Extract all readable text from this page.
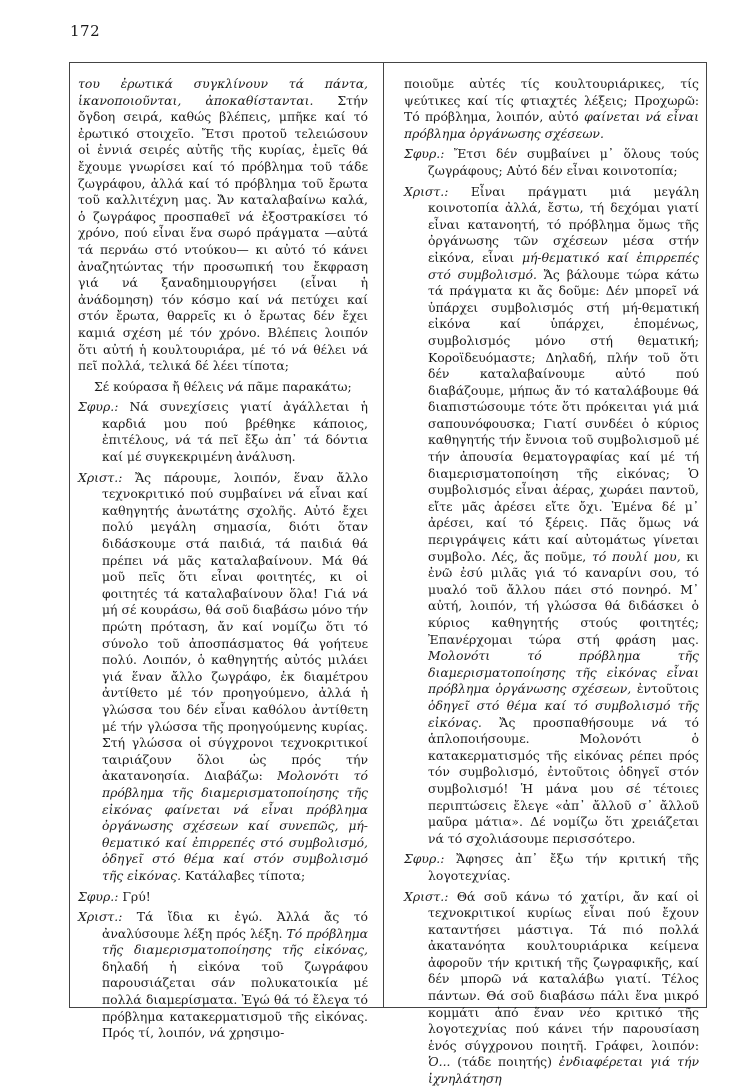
172
του ἐρωτικά συγκλίνουν τά πάντα, ἱκανοποιοῦνται, ἀποκαθίστανται. Στήν ὄγδοη σειρά, καθώς βλέπεις, μπῆκε καί τό ἐρωτικό στοιχεῖο. Ἔτσι προτοῦ τελειώσουν οἱ ἐννιά σειρές αὐτῆς τῆς κυρίας, ἐμεῖς θά ἔχουμε γνωρίσει καί τό πρόβλημα τοῦ τάδε ζωγράφου, ἀλλά καί τό πρόβλημα τοῦ ἔρωτα τοῦ καλλιτέχνη μας. Ἄν καταλαβαίνω καλά, ὁ ζωγράφος προσπαθεῖ νά ἐξοστρακίσει τό χρόνο, πού εἶναι ἕνα σωρό πράγματα —αὐτά τά περνάω στό ντούκου— κι αὐτό τό κάνει ἀναζητώντας τήν προσωπική του ἔκφραση γιά νά ξαναδημιουργήσει (εἶναι ἡ ἀνάδομηση) τόν κόσμο καί νά πετύχει καί στόν ἔρωτα, θαρρεῖς κι ὁ ἔρωτας δέν ἔχει καμιά σχέση μέ τόν χρόνο. Βλέπεις λοιπόν ὅτι αὐτή ἡ κουλτουριάρα, μέ τό νά θέλει νά πεῖ πολλά, τελικά δέ λέει τίποτα;
Σέ κούρασα ἤ θέλεις νά πᾶμε παρακάτω;
Σφυρ.: Νά συνεχίσεις γιατί ἀγάλλεται ἡ καρδιά μου πού βρέθηκε κάποιος, ἐπιτέλους, νά τά πεῖ ἔξω ἀπ᾽ τά δόντια καί μέ συγκεκριμένη ἀνάλυση.
Χριστ.: Ἄς πάρουμε, λοιπόν, ἕναν ἄλλο τεχνοκριτικό πού συμβαίνει νά εἶναι καί καθηγητής ἀνωτάτης σχολῆς. Αὐτό ἔχει πολύ μεγάλη σημασία, διότι ὅταν διδάσκουμε στά παιδιά, τά παιδιά θά πρέπει νά μᾶς καταλαβαίνουν. Μά θά μοῦ πεῖς ὅτι εἶναι φοιτητές, κι οἱ φοιτητές τά καταλαβαίνουν ὅλα! Γιά νά μή σέ κουράσω, θά σοῦ διαβάσω μόνο τήν πρώτη πρόταση, ἄν καί νομίζω ὅτι τό σύνολο τοῦ ἀποσπάσματος θά γοήτευε πολύ. Λοιπόν, ὁ καθηγητής αὐτός μιλάει γιά ἕναν ἄλλο ζωγράφο, ἐκ διαμέτρου ἀντίθετο μέ τόν προηγούμενο, ἀλλά ἡ γλώσσα του δέν εἶναι καθόλου ἀντίθετη μέ τήν γλώσσα τῆς προηγούμενης κυρίας. Στή γλώσσα οἱ σύγχρονοι τεχνοκριτικοί ταιριάζουν ὅλοι ὡς πρός τήν ἀκατανοησία. Διαβάζω: Μολονότι τό πρόβλημα τῆς διαμερισματοποίησης τῆς εἰκόνας φαίνεται νά εἶναι πρόβλημα ὀργάνωσης σχέσεων καί συνεπῶς, μή-θεματικό καί ἐπιρρεπές στό συμβολισμό, ὁδηγεῖ στό θέμα καί στόν συμβολισμό τῆς εἰκόνας. Κατάλαβες τίποτα;
Σφυρ.: Γρύ!
Χριστ.: Τά ἴδια κι ἐγώ. Ἀλλά ἄς τό ἀναλύσουμε λέξη πρός λέξη. Τό πρόβλημα τῆς διαμερισματοποίησης τῆς εἰκόνας, δηλαδή ἡ εἰκόνα τοῦ ζωγράφου παρουσιάζεται σάν πολυκατοικία μέ πολλά διαμερίσματα. Ἐγώ θά τό ἔλεγα τό πρόβλημα κατακερματισμοῦ τῆς εἰκόνας. Πρός τί, λοιπόν, νά χρησιμο-
ποιοῦμε αὐτές τίς κουλτουριάρικες, τίς ψεύτικες καί τίς φτιαχτές λέξεις; Προχωρῶ: Τό πρόβλημα, λοιπόν, αὐτό φαίνεται νά εἶναι πρόβλημα ὀργάνωσης σχέσεων.
Σφυρ.: Ἔτσι δέν συμβαίνει μ᾽ ὅλους τούς ζωγράφους; Αὐτό δέν εἶναι κοινοτοπία;
Χριστ.: Εἶναι πράγματι μιά μεγάλη κοινοτοπία ἀλλά, ἔστω, τή δεχόμαι γιατί εἶναι κατανοητή, τό πρόβλημα ὅμως τῆς ὀργάνωσης τῶν σχέσεων μέσα στήν εἰκόνα, εἶναι μή-θεματικό καί ἐπιρρεπές στό συμβολισμό. Ἄς βάλουμε τώρα κάτω τά πράγματα κι ἄς δοῦμε: Δέν μπορεῖ νά ὑπάρχει συμβολισμός στή μή-θεματική εἰκόνα καί ὑπάρχει, ἑπομένως, συμβολισμός μόνο στή θεματική; Κοροϊδευόμαστε; Δηλαδή, πλήν τοῦ ὅτι δέν καταλαβαίνουμε αὐτό πού διαβάζουμε, μήπως ἄν τό καταλάβουμε θά διαπιστώσουμε τότε ὅτι πρόκειται γιά μιά σαπουνόφουσκα; Γιατί συνδέει ὁ κύριος καθηγητής τήν ἔννοια τοῦ συμβολισμοῦ μέ τήν ἀπουσία θεματογραφίας καί μέ τή διαμερισματοποίηση τῆς εἰκόνας; Ὁ συμβολισμός εἶναι ἀέρας, χωράει παντοῦ, εἴτε μᾶς ἀρέσει εἴτε ὄχι. Ἐμένα δέ μ᾽ ἀρέσει, καί τό ξέρεις. Πᾶς ὅμως νά περιγράψεις κάτι καί αὐτομάτως γίνεται συμβολο. Λές, ἄς ποῦμε, τό πουλί μου, κι ἐνῶ ἐσύ μιλᾶς γιά τό καναρίνι σου, τό μυαλό τοῦ ἄλλου πάει στό πονηρό. Μ᾽ αὐτή, λοιπόν, τή γλώσσα θά διδάσκει ὁ κύριος καθηγητής στούς φοιτητές; Ἐπανέρχομαι τώρα στή φράση μας. Μολονότι τό πρόβλημα τῆς διαμερισματοποίησης τῆς εἰκόνας εἶναι πρόβλημα ὀργάνωσης σχέσεων, ἐντοῦτοις ὁδηγεῖ στό θέμα καί τό συμβολισμό τῆς εἰκόνας. Ἄς προσπαθήσουμε νά τό ἁπλοποιήσουμε. Μολονότι ὁ κατακερματισμός τῆς εἰκόνας ρέπει πρός τόν συμβολισμό, ἐντοῦτοις ὁδηγεῖ στόν συμβολισμό! Ἡ μάνα μου σέ τέτοιες περιπτώσεις ἔλεγε «ἀπ᾽ ἄλλοῦ σ᾽ ἄλλοῦ μαῦρα μάτια». Δέ νομίζω ὅτι χρειάζεται νά τό σχολιάσουμε περισσότερο.
Σφυρ.: Ἄφησες ἀπ᾽ ἔξω τήν κριτική τῆς λογοτεχνίας.
Χριστ.: Θά σοῦ κάνω τό χατίρι, ἄν καί οἱ τεχνοκριτικοί κυρίως εἶναι πού ἔχουν καταντήσει μάστιγα. Τά πιό πολλά ἀκατανόητα κουλτουριάρικα κείμενα ἀφοροῦν τήν κριτική τῆς ζωγραφικῆς, καί δέν μπορῶ νά καταλάβω γιατί. Τέλος πάντων. Θά σοῦ διαβάσω πάλι ἕνα μικρό κομμάτι ἀπό ἕναν νέο κριτικό τῆς λογοτεχνίας πού κάνει τήν παρουσίαση ἑνός σύγχρονου ποιητῆ. Γράφει, λοιπόν: Ὁ... (τάδε ποιητής) ἐνδιαφέρεται γιά τήν ἰχνηλάτηση
